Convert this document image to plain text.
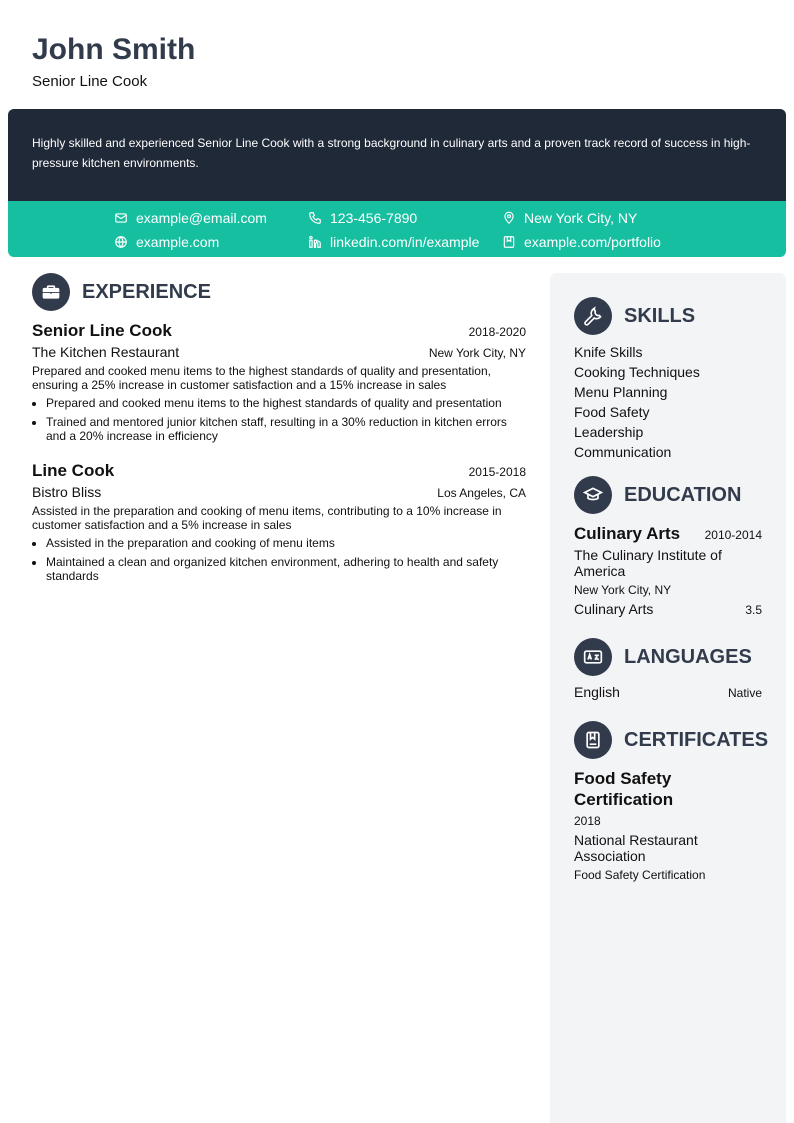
John Smith
Senior Line Cook
Highly skilled and experienced Senior Line Cook with a strong background in culinary arts and a proven track record of success in high-pressure kitchen environments.
example@email.com	123-456-7890	New York City, NY
example.com	linkedin.com/in/example	example.com/portfolio
EXPERIENCE
Senior Line Cook	2018-2020
The Kitchen Restaurant	New York City, NY
Prepared and cooked menu items to the highest standards of quality and presentation, ensuring a 25% increase in customer satisfaction and a 15% increase in sales
• Prepared and cooked menu items to the highest standards of quality and presentation
• Trained and mentored junior kitchen staff, resulting in a 30% reduction in kitchen errors and a 20% increase in efficiency
Line Cook	2015-2018
Bistro Bliss	Los Angeles, CA
Assisted in the preparation and cooking of menu items, contributing to a 10% increase in customer satisfaction and a 5% increase in sales
• Assisted in the preparation and cooking of menu items
• Maintained a clean and organized kitchen environment, adhering to health and safety standards
SKILLS
Knife Skills
Cooking Techniques
Menu Planning
Food Safety
Leadership
Communication
EDUCATION
Culinary Arts 2010-2014
The Culinary Institute of America
New York City, NY
Culinary Arts	3.5
LANGUAGES
English	Native
CERTIFICATES
Food Safety Certification
2018
National Restaurant Association
Food Safety Certification
